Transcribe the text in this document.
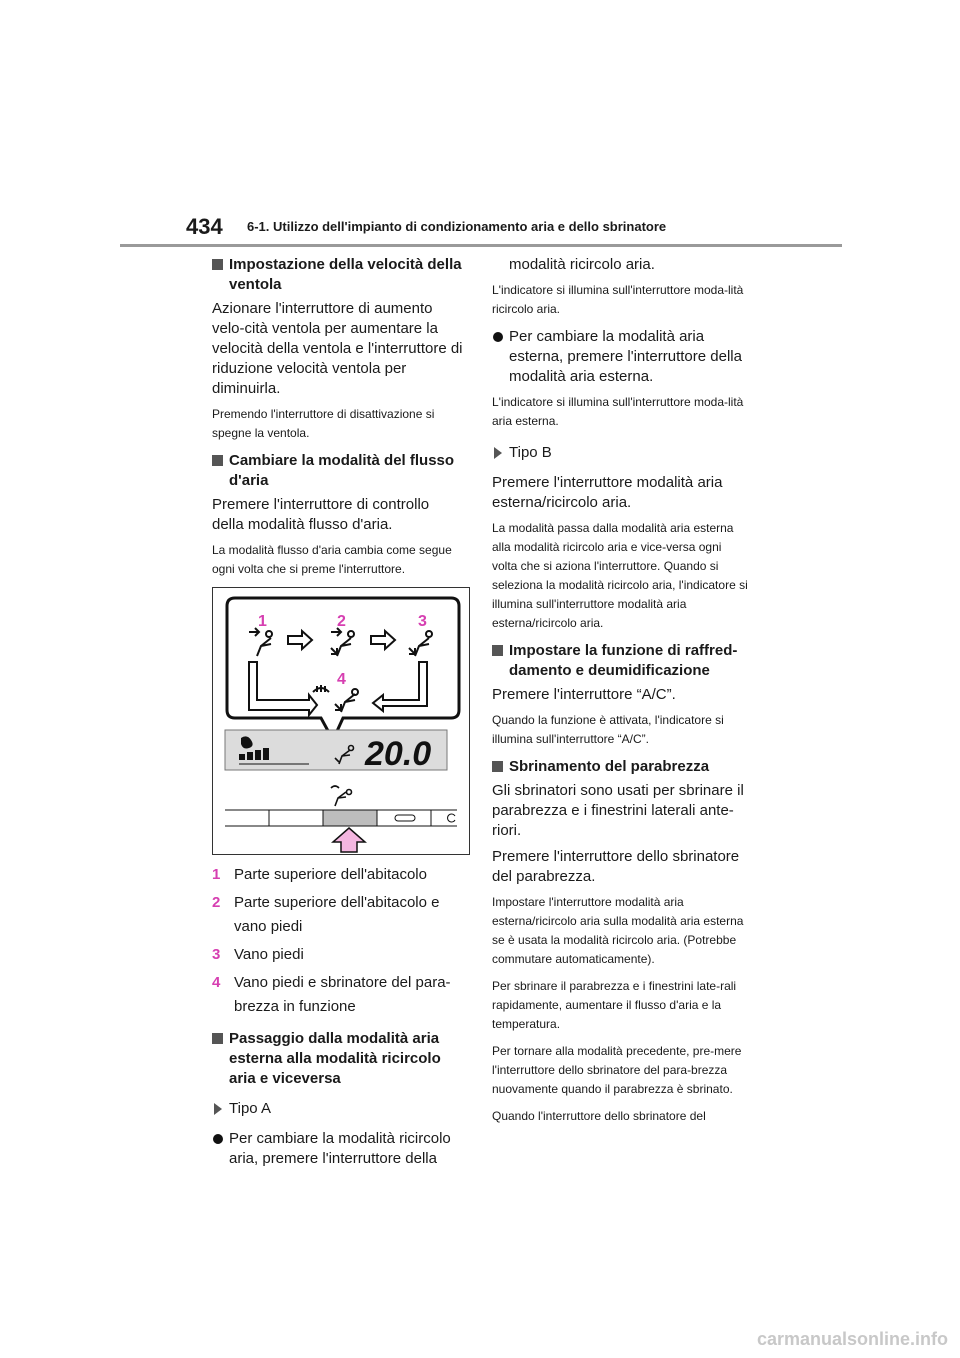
434 6-1. Utilizzo dell'impianto di condizionamento aria e dello sbrinatore
Impostazione della velocità della ventola
Azionare l'interruttore di aumento velo-cità ventola per aumentare la velocità della ventola e l'interruttore di riduzione velocità ventola per diminuirla.
Premendo l'interruttore di disattivazione si spegne la ventola.
Cambiare la modalità del flusso d'aria
Premere l'interruttore di controllo della modalità flusso d'aria.
La modalità flusso d'aria cambia come segue ogni volta che si preme l'interruttore.
1	2	3
4
20.0
1 Parte superiore dell'abitacolo
2 Parte superiore dell'abitacolo e vano piedi
3 Vano piedi
4 Vano piedi e sbrinatore del para-brezza in funzione
Passaggio dalla modalità aria esterna alla modalità ricircolo aria e viceversa
Tipo A
Per cambiare la modalità ricircolo aria, premere l'interruttore della
modalità ricircolo aria.
L'indicatore si illumina sull'interruttore moda-lità ricircolo aria.
Per cambiare la modalità aria esterna, premere l'interruttore della modalità aria esterna.
L'indicatore si illumina sull'interruttore moda-lità aria esterna.
Tipo B
Premere l'interruttore modalità aria esterna/ricircolo aria.
La modalità passa dalla modalità aria esterna alla modalità ricircolo aria e vice-versa ogni volta che si aziona l'interruttore. Quando si seleziona la modalità ricircolo aria, l'indicatore si illumina sull'interruttore modalità aria esterna/ricircolo aria.
Impostare la funzione di raffred-damento e deumidificazione
Premere l'interruttore “A/C”.
Quando la funzione è attivata, l'indicatore si illumina sull'interruttore “A/C”.
Sbrinamento del parabrezza
Gli sbrinatori sono usati per sbrinare il parabrezza e i finestrini laterali ante-riori.
Premere l'interruttore dello sbrinatore del parabrezza.
Impostare l'interruttore modalità aria esterna/ricircolo aria sulla modalità aria esterna se è usata la modalità ricircolo aria. (Potrebbe commutare automaticamente).
Per sbrinare il parabrezza e i finestrini late-rali rapidamente, aumentare il flusso d'aria e la temperatura.
Per tornare alla modalità precedente, pre-mere l'interruttore dello sbrinatore del para-brezza nuovamente quando il parabrezza è sbrinato.
Quando l'interruttore dello sbrinatore del
carmanualsonline.info
